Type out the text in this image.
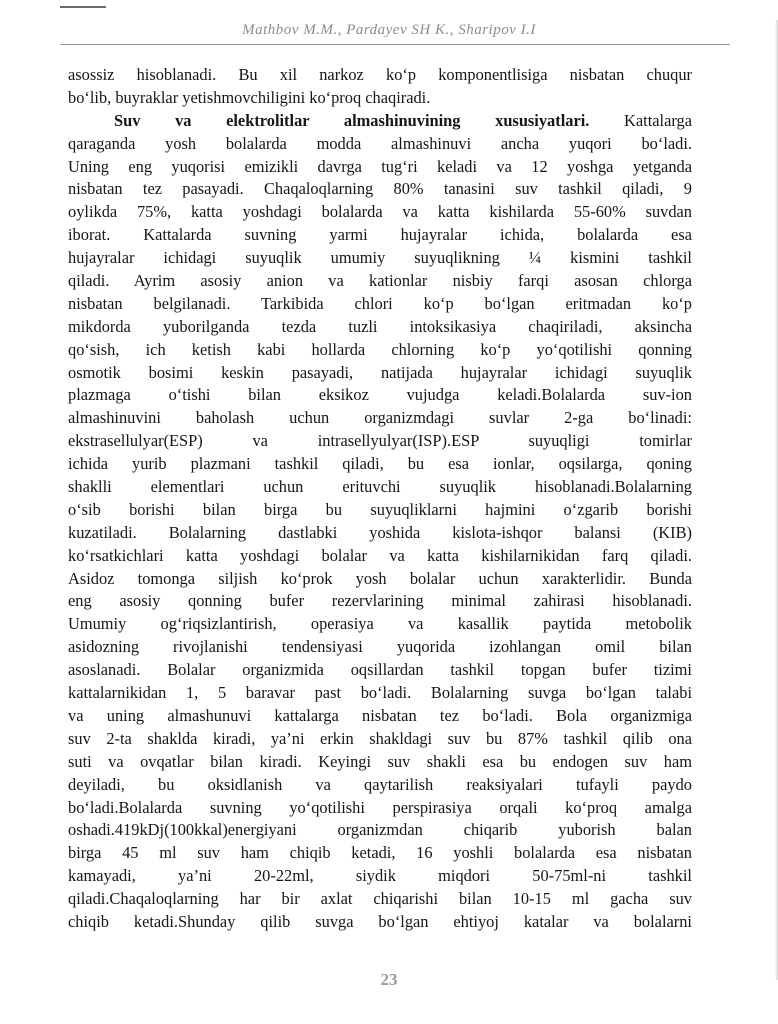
Mathbov M.M., Pardayev SH K., Sharipov I.I
asossiz hisoblanadi. Bu xil narkoz ko‘p komponentlisiga nisbatan chuqur
bo‘lib, buyraklar yetishmovchiligini ko‘proq chaqiradi.
Suv va elektrolitlar almashinuvining xususiyatlari. Kattalarga
qaraganda yosh bolalarda modda almashinuvi ancha yuqori bo‘ladi.
Uning eng yuqorisi emizikli davrga tug‘ri keladi va 12 yoshga yetganda
nisbatan tez pasayadi. Chaqaloqlarning 80% tanasini suv tashkil qiladi, 9
oylikda 75%, katta yoshdagi bolalarda va katta kishilarda 55-60% suvdan
iborat. Kattalarda suvning yarmi hujayralar ichida, bolalarda esa
hujayralar ichidagi suyuqlik umumiy suyuqlikning ¼ kismini tashkil
qiladi. Ayrim asosiy anion va kationlar nisbiy farqi asosan chlorga
nisbatan belgilanadi. Tarkibida chlori ko‘p bo‘lgan eritmadan ko‘p
mikdorda yuborilganda tezda tuzli intoksikasiya chaqiriladi, aksincha
qo‘sish, ich ketish kabi hollarda chlorning ko‘p yo‘qotilishi qonning
osmotik bosimi keskin pasayadi, natijada hujayralar ichidagi suyuqlik
plazmaga o‘tishi bilan eksikoz vujudga keladi.Bolalarda suv-ion
almashinuvini baholash uchun organizmdagi suvlar 2-ga bo‘linadi:
ekstrasellulyar(ESP) va intrasellyulyar(ISP).ESP suyuqligi tomirlar
ichida yurib plazmani tashkil qiladi, bu esa ionlar, oqsilarga, qoning
shaklli elementlari uchun erituvchi suyuqlik hisoblanadi.Bolalarning
o‘sib borishi bilan birga bu suyuqliklarni hajmini o‘zgarib borishi
kuzatiladi. Bolalarning dastlabki yoshida kislota-ishqor balansi (KIB)
ko‘rsatkichlari katta yoshdagi bolalar va katta kishilarnikidan farq qiladi.
Asidoz tomonga siljish ko‘prok yosh bolalar uchun xarakterlidir. Bunda
eng asosiy qonning bufer rezervlarining minimal zahirasi hisoblanadi.
Umumiy og‘riqsizlantirish, operasiya va kasallik paytida metobolik
asidozning rivojlanishi tendensiyasi yuqorida izohlangan omil bilan
asoslanadi. Bolalar organizmida oqsillardan tashkil topgan bufer tizimi
kattalarnikidan 1, 5 baravar past bo‘ladi. Bolalarning suvga bo‘lgan talabi
va uning almashunuvi kattalarga nisbatan tez bo‘ladi. Bola organizmiga
suv 2-ta shaklda kiradi, ya’ni erkin shakldagi suv bu 87% tashkil qilib ona
suti va ovqatlar bilan kiradi. Keyingi suv shakli esa bu endogen suv ham
deyiladi, bu oksidlanish va qaytarilish reaksiyalari tufayli paydo
bo‘ladi.Bolalarda suvning yo‘qotilishi perspirasiya orqali ko‘proq amalga
oshadi.419kDj(100kkal)energiyani organizmdan chiqarib yuborish balan
birga 45 ml suv ham chiqib ketadi, 16 yoshli bolalarda esa nisbatan
kamayadi, ya’ni 20-22ml, siydik miqdori 50-75ml-ni tashkil
qiladi.Chaqaloqlarning har bir axlat chiqarishi bilan 10-15 ml gacha suv
chiqib ketadi.Shunday qilib suvga bo‘lgan ehtiyoj katalar va bolalarni
23
